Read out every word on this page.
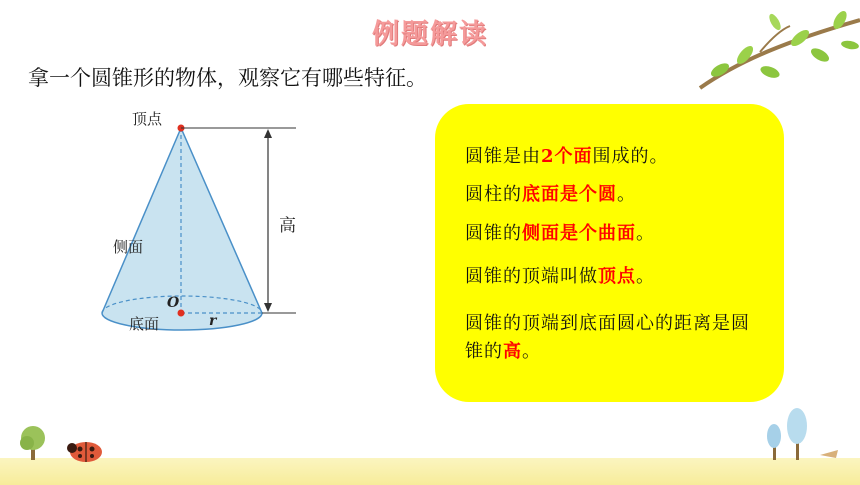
例题解读
拿一个圆锥形的物体，观察它有哪些特征。
顶点
高
侧面
底面
O
r
圆锥是由2个面围成的。
圆柱的底面是个圆。
圆锥的侧面是个曲面。
圆锥的顶端叫做顶点。
圆锥的顶端到底面圆心的距离是圆锥的高。
